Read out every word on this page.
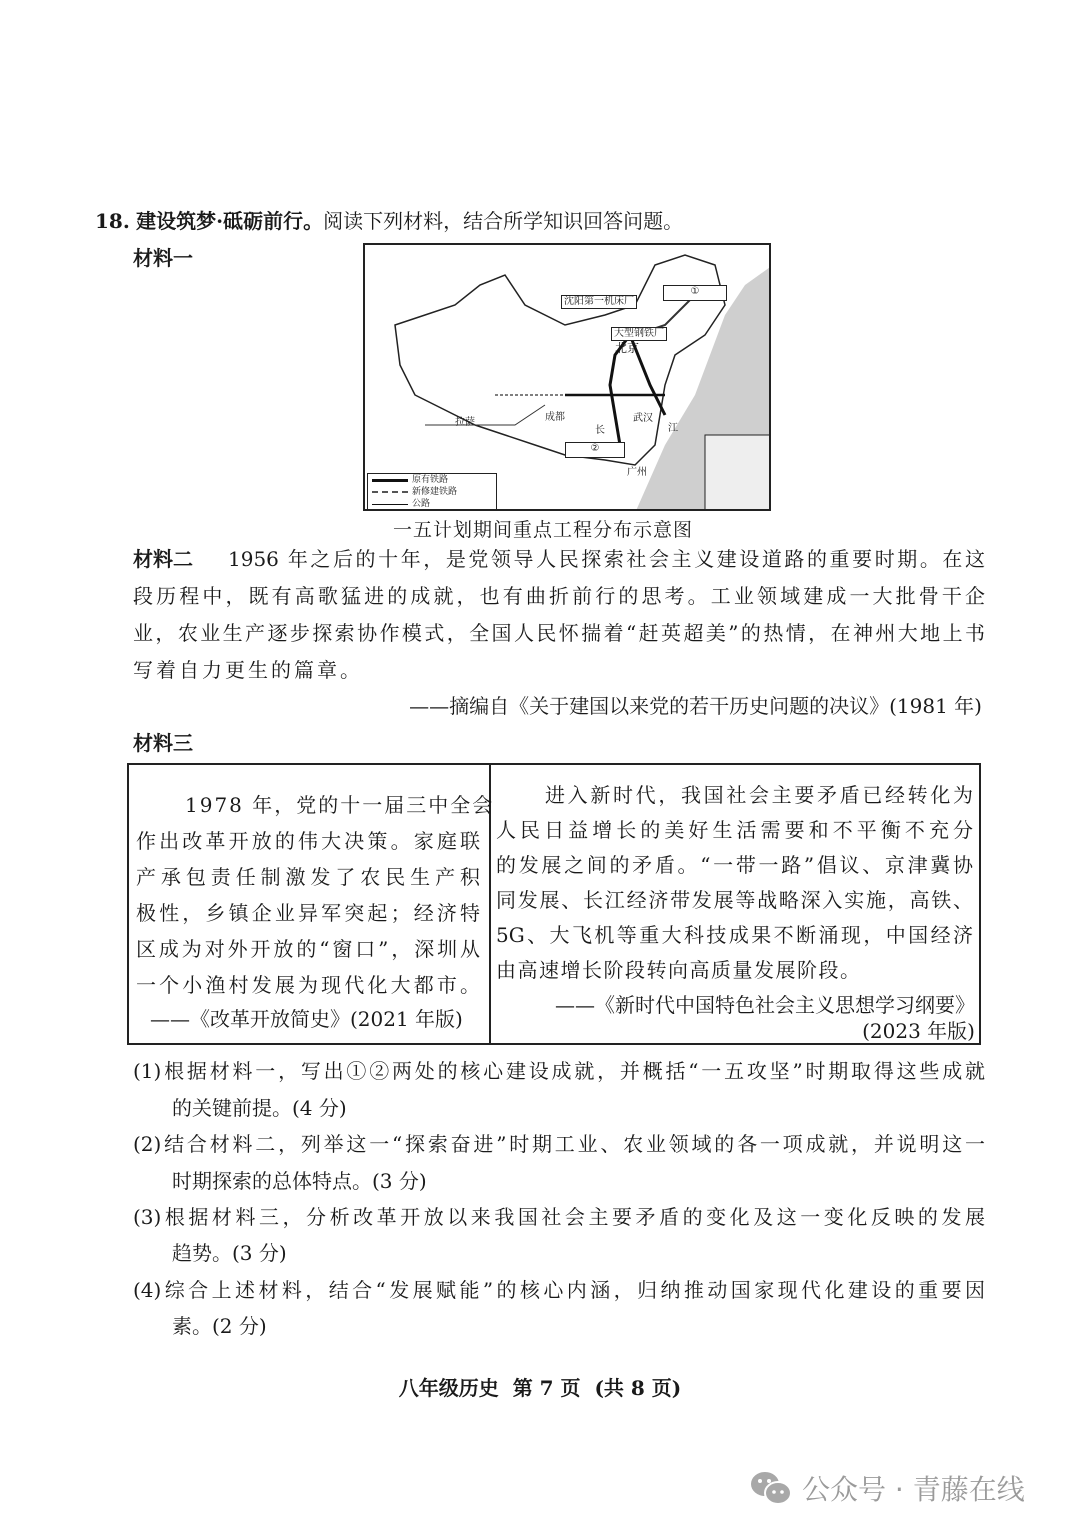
18. 建设筑梦·砥砺前行。阅读下列材料，结合所学知识回答问题。
材料一
①
沈阳第一机床厂
大型钢铁厂
北京
武汉
广州
拉萨	成都
长	江
②
原有铁路
新修建铁路
公路
一五计划期间重点工程分布示意图
材料二 1956 年之后的十年，是党领导人民探索社会主义建设道路的重要时期。在这
段历程中，既有高歌猛进的成就，也有曲折前行的思考。工业领域建成一大批骨干企
业，农业生产逐步探索协作模式，全国人民怀揣着“赶英超美”的热情，在神州大地上书
写着自力更生的篇章。
——摘编自《关于建国以来党的若干历史问题的决议》(1981 年)
材料三
1978 年，党的十一届三中全会
作出改革开放的伟大决策。家庭联
产承包责任制激发了农民生产积
极性，乡镇企业异军突起；经济特
区成为对外开放的“窗口”，深圳从
一个小渔村发展为现代化大都市。
——《改革开放简史》(2021 年版)
进入新时代，我国社会主要矛盾已经转化为
人民日益增长的美好生活需要和不平衡不充分
的发展之间的矛盾。“一带一路”倡议、京津冀协
同发展、长江经济带发展等战略深入实施，高铁、
5G、大飞机等重大科技成果不断涌现，中国经济
由高速增长阶段转向高质量发展阶段。
——《新时代中国特色社会主义思想学习纲要》
(2023 年版)
(1)根据材料一，写出①②两处的核心建设成就，并概括“一五攻坚”时期取得这些成就
的关键前提。(4 分)
(2)结合材料二，列举这一“探索奋进”时期工业、农业领域的各一项成就，并说明这一
时期探索的总体特点。(3 分)
(3)根据材料三，分析改革开放以来我国社会主要矛盾的变化及这一变化反映的发展
趋势。(3 分)
(4)综合上述材料，结合“发展赋能”的核心内涵，归纳推动国家现代化建设的重要因
素。(2 分)
八年级历史  第 7 页  (共 8 页)
公众号 · 青藤在线
